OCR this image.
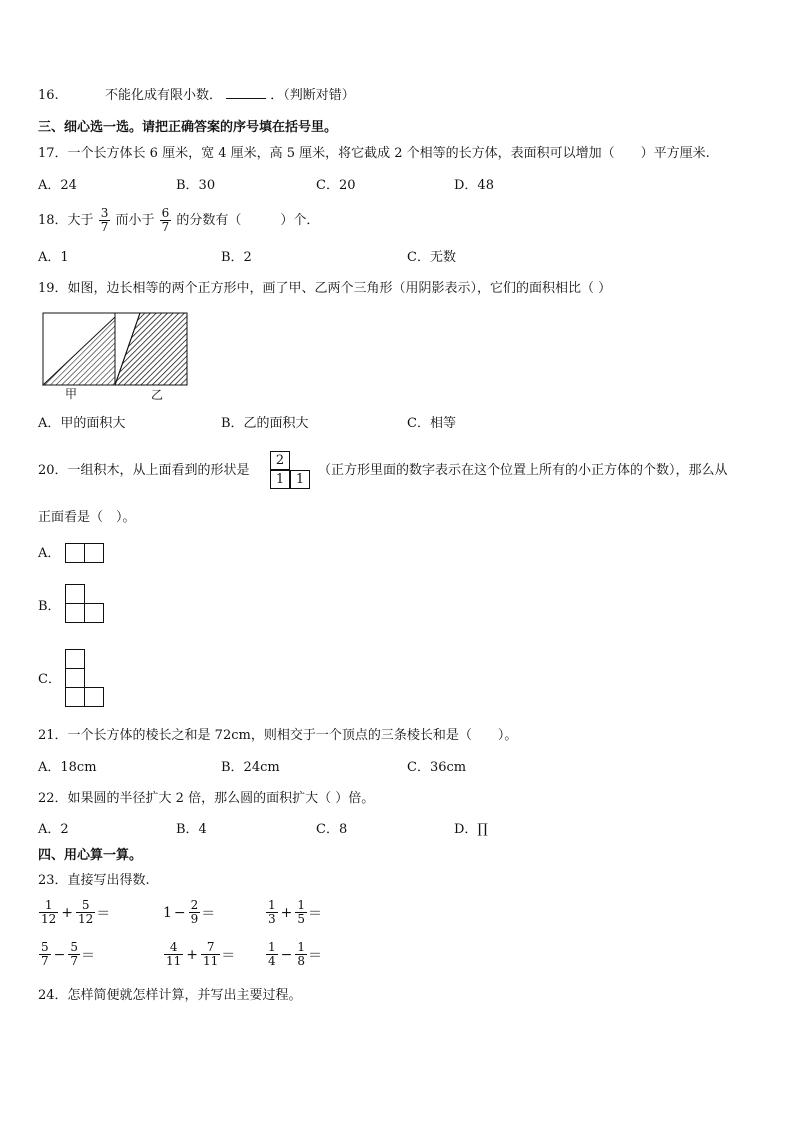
16.	不能化成有限小数．	．（判断对错）
三、细心选一选。请把正确答案的序号填在括号里。
17．一个长方体长 6 厘米，宽 4 厘米，高 5 厘米，将它截成 2 个相等的长方体，表面积可以增加（　　）平方厘米.
A．24	B．30	C．20	D．48
18．大于 $\frac{3}{7}$ 而小于 $\frac{6}{7}$ 的分数有（　　　）个．
A．1	B．2	C．无数
19．如图，边长相等的两个正方形中，画了甲、乙两个三角形（用阴影表示），它们的面积相比（ ）
甲	乙
A．甲的面积大	B．乙的面积大	C．相等
20．一组积木，从上面看到的形状是
2
1 1
（正方形里面的数字表示在这个位置上所有的小正方体的个数），那么从
正面看是（　）。
A．
B．
C．
21．一个长方体的棱长之和是 72cm，则相交于一个顶点的三条棱长和是（　　）。
A．18cm	B．24cm	C．36cm
22．如果圆的半径扩大 2 倍，那么圆的面积扩大（ ）倍。
A．2	B．4	C．8	D．∏
四、用心算一算。
23．直接写出得数.
$\frac{1}{12} + \frac{5}{12}$ ＝	$1 - \frac{2}{9}$ ＝	$\frac{1}{3} + \frac{1}{5}$ ＝
$\frac{5}{7} - \frac{5}{7}$ ＝	$\frac{4}{11} + \frac{7}{11}$ ＝	$\frac{1}{4} - \frac{1}{8}$ ＝
24．怎样简便就怎样计算，并写出主要过程。
